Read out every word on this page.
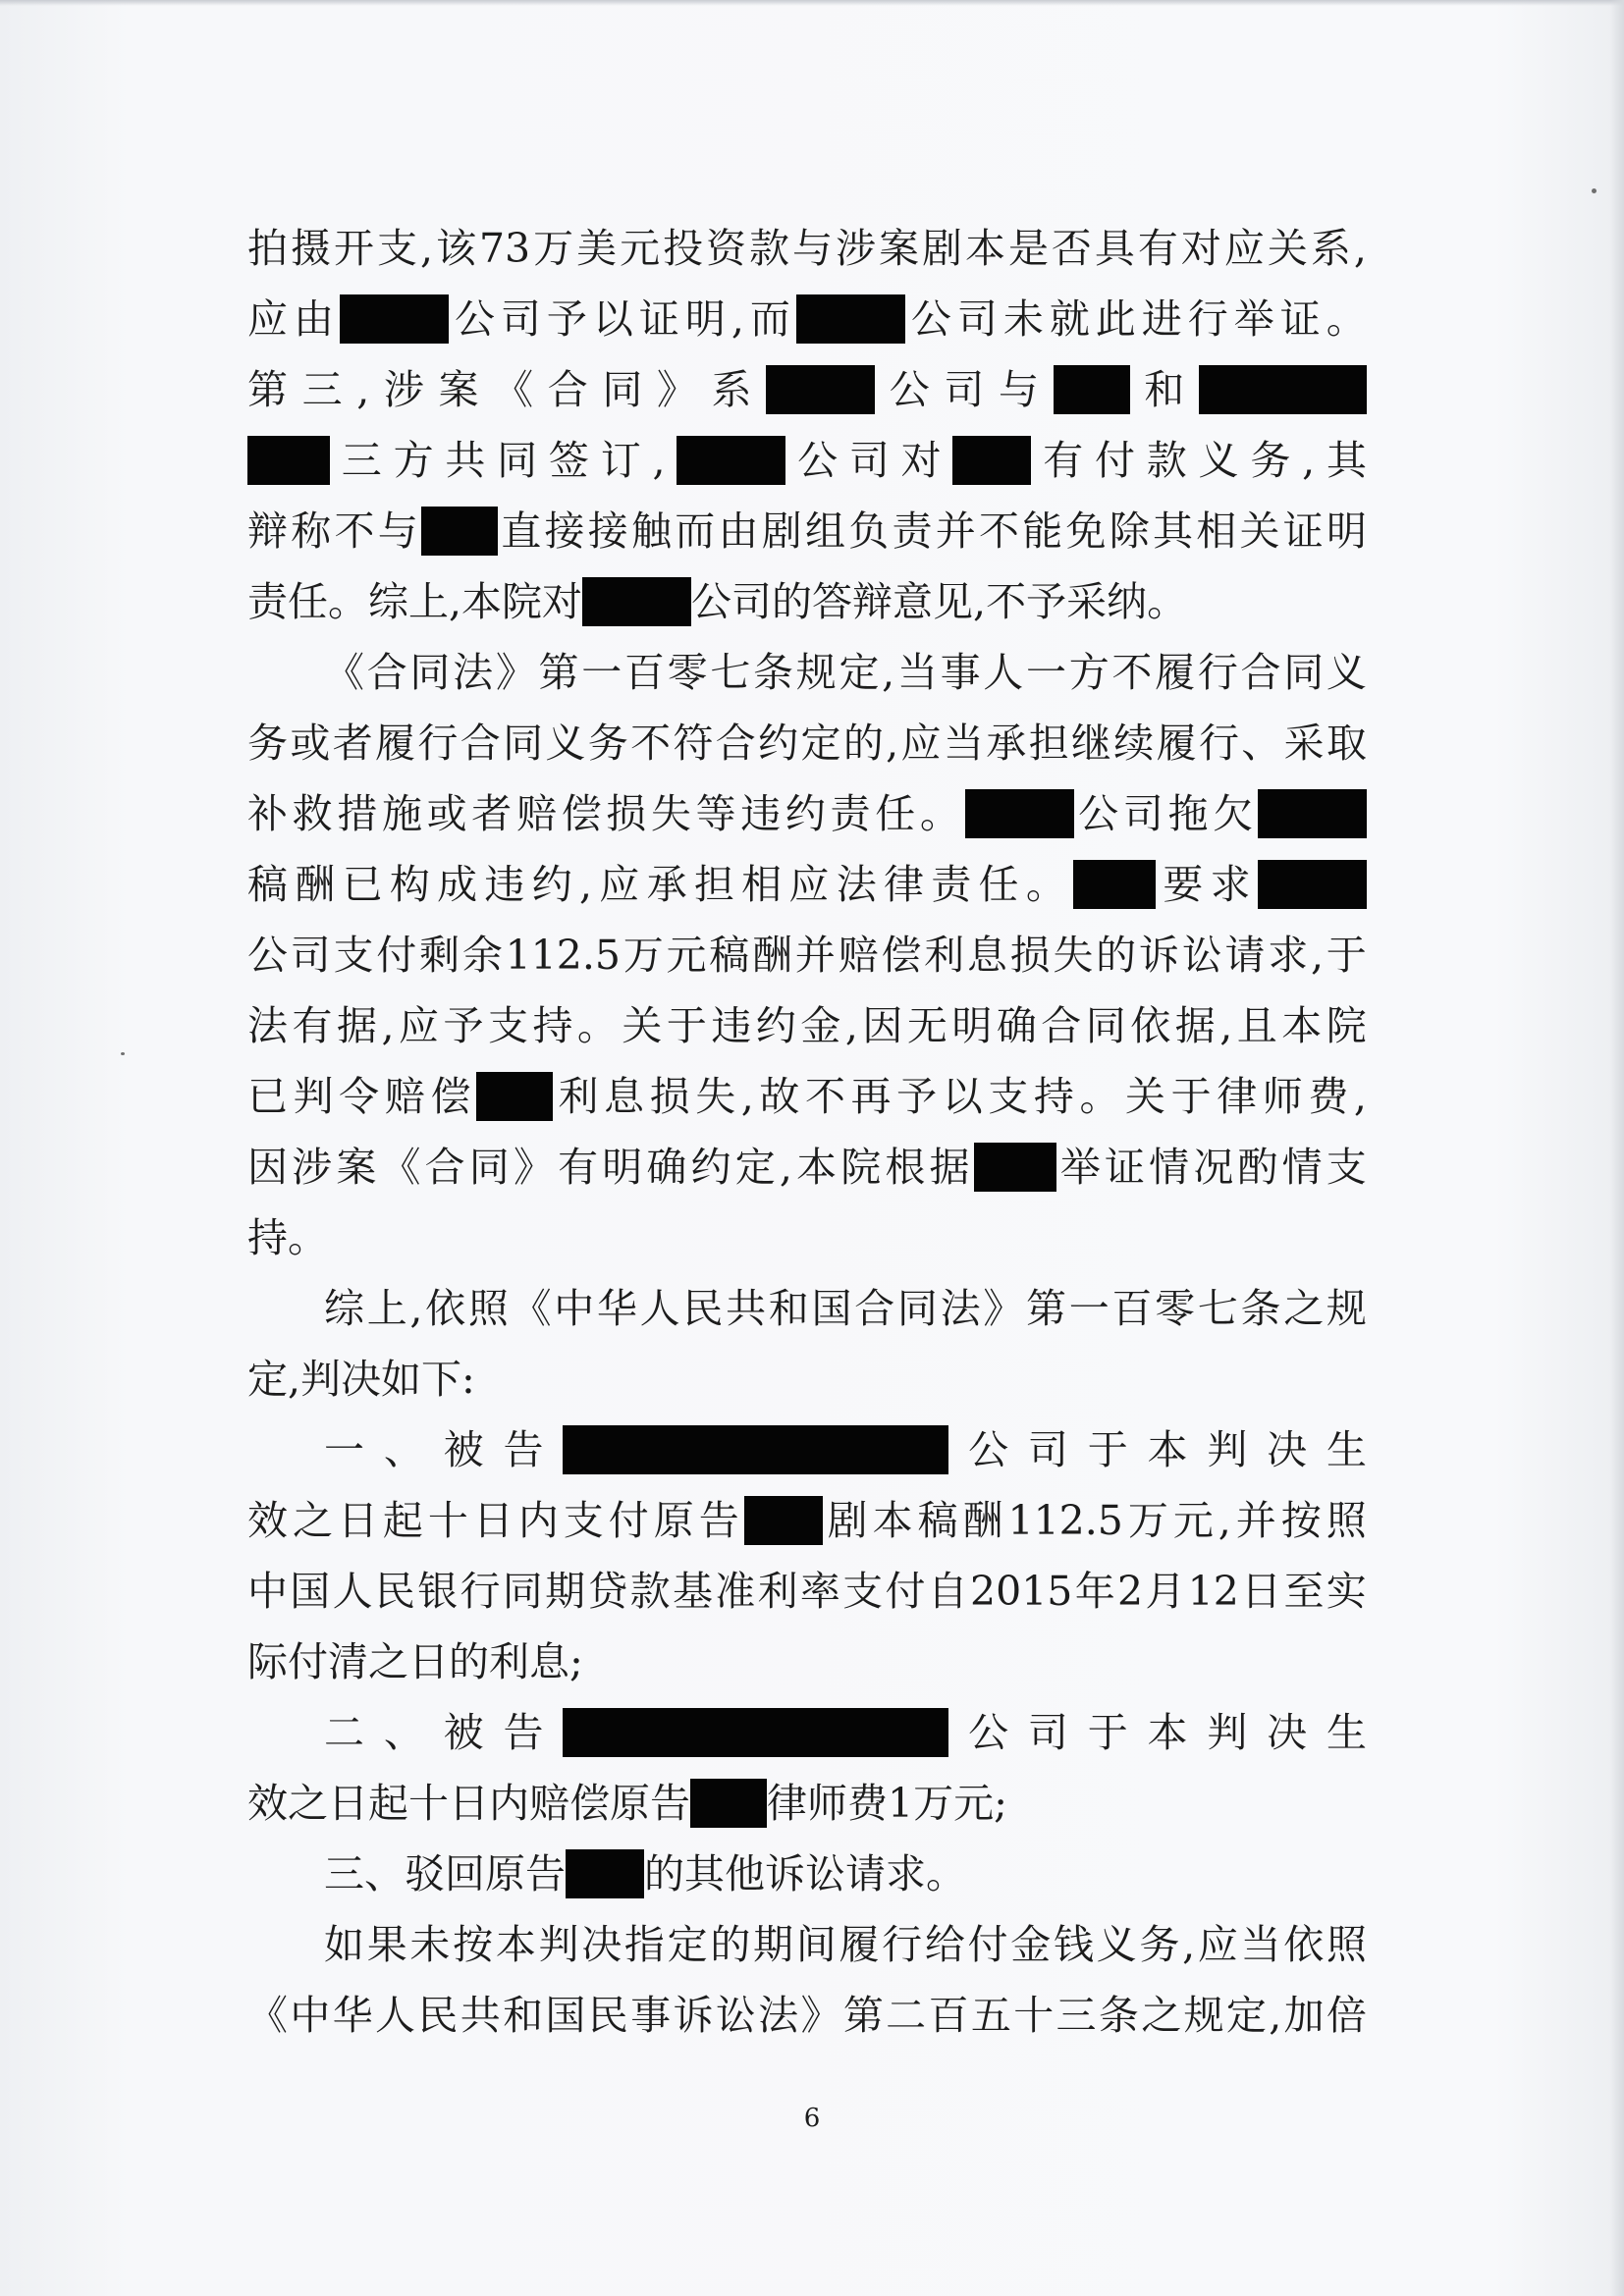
拍 摄 开 支 , 该 73 万 美 元 投 资 款 与 涉 案 剧 本 是 否 具 有 对 应 关 系 ,
应 由	公 司 予 以 证 明 , 而	公 司 未 就 此 进 行 举 证 。
第 三 , 涉 案 《 合 同 》 系	公 司 与	和
三 方 共 同 签 订 ,	公 司 对	有 付 款 义 务 , 其
辩 称 不 与 直 接 接 触 而 由 剧 组 负 责 并 不 能 免 除 其 相 关 证 明
责 任 。 综 上 , 本 院 对	公 司 的 答 辩 意 见 , 不 予 采 纳 。
《 合 同 法 》 第 一 百 零 七 条 规 定 , 当 事 人 一 方 不 履 行 合 同 义
务 或 者 履 行 合 同 义 务 不 符 合 约 定 的 , 应 当 承 担 继 续 履 行 、 采 取
补 救 措 施 或 者 赔 偿 损 失 等 违 约 责 任 。	公 司 拖 欠
稿 酬 已 构 成 违 约 , 应 承 担 相 应 法 律 责 任 。 要 求
公 司 支 付 剩 余 112.5 万 元 稿 酬 并 赔 偿 利 息 损 失 的 诉 讼 请 求 , 于
法 有 据 , 应 予 支 持 。 关 于 违 约 金 , 因 无 明 确 合 同 依 据 , 且 本 院
已 判 令 赔 偿 利 息 损 失 , 故 不 再 予 以 支 持 。 关 于 律 师 费 ,
因 涉 案 《 合 同 》 有 明 确 约 定 , 本 院 根 据 举 证 情 况 酌 情 支
持 。
综 上 , 依 照 《 中 华 人 民 共 和 国 合 同 法 》 第 一 百 零 七 条 之 规
定 , 判 决 如 下 :
一 、 被 告	公 司 于 本 判 决 生
效 之 日 起 十 日 内 支 付 原 告 剧 本 稿 酬 112.5 万 元 , 并 按 照
中 国 人 民 银 行 同 期 贷 款 基 准 利 率 支 付 自 2015 年 2 月 12 日 至 实
际 付 清 之 日 的 利 息 ;
二 、 被 告	公 司 于 本 判 决 生
效 之 日 起 十 日 内 赔 偿 原 告 律 师 费 1 万 元 ;
三 、 驳 回 原 告 的 其 他 诉 讼 请 求 。
如 果 未 按 本 判 决 指 定 的 期 间 履 行 给 付 金 钱 义 务 , 应 当 依 照
《 中 华 人 民 共 和 国 民 事 诉 讼 法 》 第 二 百 五 十 三 条 之 规 定 , 加 倍
6
